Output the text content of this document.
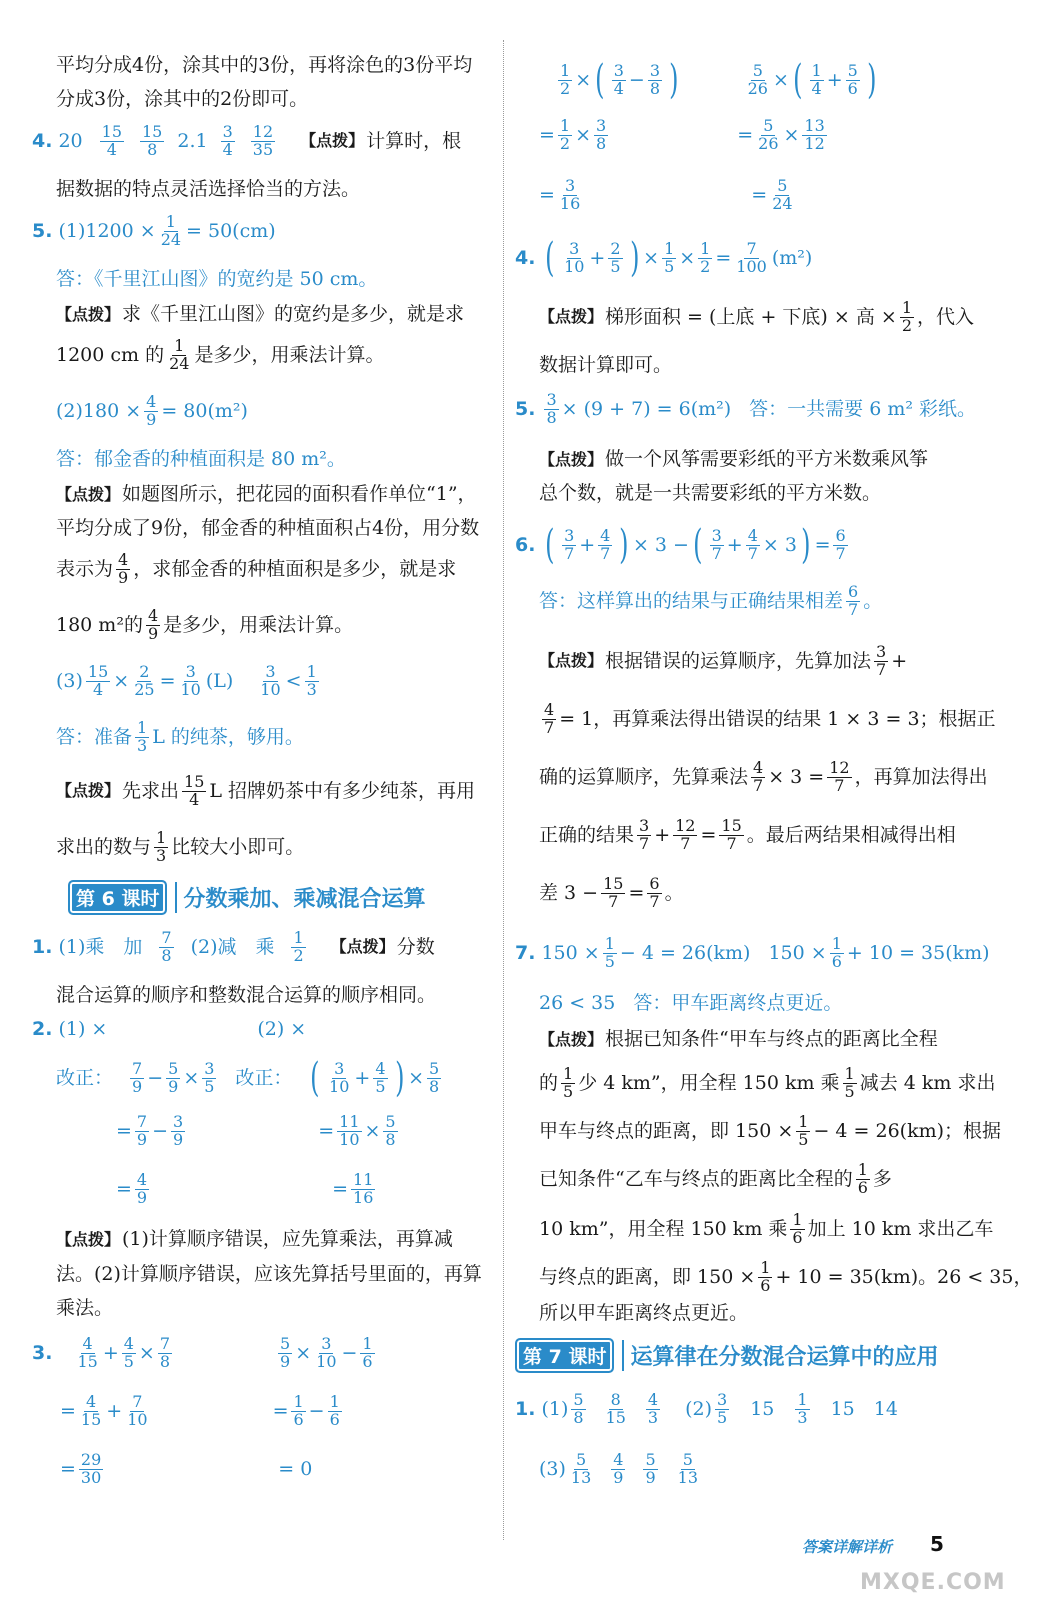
平均分成4份，涂其中的3份，再将涂色的3份平均
分成3份，涂其中的2份即可。
4. 20 15
4
15
8 2.1 3
4
12
35 【点拨】 计算时，根
据数据的特点灵活选择恰当的方法。
5. $(1)1200 \times \frac{1}{24} = 50(cm)$
答：《千里江山图》的宽约是 50 cm。
【点拨】 求《千里江山图》的宽约是多少，就是求
1200 cm 的 1
24 是多少，用乘法计算。
$(2)180 \times \frac{4}{9} = 80(m^2)$
答：郁金香的种植面积是 80 m²。
【点拨】 如题图所示，把花园的面积看作单位“1”，
平均分成了9份，郁金香的种植面积占4份，用分数
表示为 4
9 ，求郁金香的种植面积是多少，就是求
180 m²的 4
9 是多少，用乘法计算。
$(3) \frac{15}{4} \times \frac{2}{25} = \frac{3}{10} (L)$ 3
10 < 1
3
答：准备 1
3 L 的纯茶，够用。
【点拨】 先求出 15
4 L 招牌奶茶中有多少纯茶，再用
求出的数与 1
3 比较大小即可。
第 6 课时	分数乘加、乘减混合运算
1. (1)乘　加 7
8 (2)减　乘 1
2 【点拨】 分数
混合运算的顺序和整数混合运算的顺序相同。
2. (1) ×	(2) ×
改正： 7
$9 - \frac{5}{9} \times \frac{3}{5}$ 改正： ( 3
$10 + \frac{4}{5}$ ) × $\frac{5}{8}$
= $\frac{7}{9} - \frac{3}{9}$	= $\frac{11}{10} \times \frac{5}{8}$
= $\frac{4}{9}$	= $\frac{11}{16}$
【点拨】 (1)计算顺序错误，应先算乘法，再算减
法。(2)计算顺序错误，应该先算括号里面的，再算
乘法。
3. 4
$15 + \frac{4}{5} \times \frac{7}{8}$	$\frac{5}{9} \times \frac{3}{10} - \frac{1}{6}$
= $\frac{4}{15} + \frac{7}{10}$	= $\frac{1}{6} - \frac{1}{6}$
= $\frac{29}{30}$	= 0
$\frac{1}{2}$ × ( 3
$4 - \frac{3}{8}$ )	$\frac{5}{26}$ × ( 1
$4 + \frac{5}{6}$ )
= $\frac{1}{2} \times \frac{3}{8}$	= $\frac{5}{26} \times \frac{13}{12}$
= $\frac{3}{16}$	= $\frac{5}{24}$
4. ( 3
$10 + \frac{2}{5}$ ) × $\frac{1}{5} \times \frac{1}{2} = \frac{7}{100} (m^2)$
【点拨】 梯形面积 = (上底 + 下底) × 高 × $\frac{1}{2}$ ，代入
数据计算即可。
5. $\frac{3}{8} \times (9 + 7) = 6(m^2)$ 答：一共需要 6 m² 彩纸。
【点拨】 做一个风筝需要彩纸的平方米数乘风筝
总个数，就是一共需要彩纸的平方米数。
6. ( 3
$7 + \frac{4}{7}$ ) × 3 − ( 3
$7 + \frac{4}{7} \times 3$ ) = $\frac{6}{7}$
答：这样算出的结果与正确结果相差 6
7 。
【点拨】 根据错误的运算顺序，先算加法 3
7 +
$\frac{4}{7} = 1$，再算乘法得出错误的结果 1 × 3 = 3；根据正
确的运算顺序，先算乘法 $\frac{4}{7} \times 3 = \frac{12}{7}$ ，再算加法得出
正确的结果 3
$7 + \frac{12}{7} = \frac{15}{7}$ 。最后两结果相减得出相
差 $3 - \frac{15}{7} = \frac{6}{7}$ 。
7. $150 \times \frac{1}{5} - 4 = 26(km) 150 \times \frac{1}{6} + 10 = 35(km)$
26 < 35 答：甲车距离终点更近。
【点拨】 根据已知条件“甲车与终点的距离比全程
的 1
5 少 4 km”，用全程 150 km 乘 1
5 减去 4 km 求出
甲车与终点的距离，即 $150 \times \frac{1}{5} - 4 = 26(km)$；根据
已知条件“乙车与终点的距离比全程的 1
6 多
10 km”，用全程 150 km 乘 1
6 加上 10 km 求出乙车
与终点的距离，即 $150 \times \frac{1}{6} + 10 = 35(km)$。26 < 35，
所以甲车距离终点更近。
第 7 课时	运算律在分数混合运算中的应用
1. (1) 5
8
8
15
4
3 (2) 3
5 15 1
3 15　14
(3) 5
13
4
9
5
9
5
13
答案详解详析 5
MXQE.COM
